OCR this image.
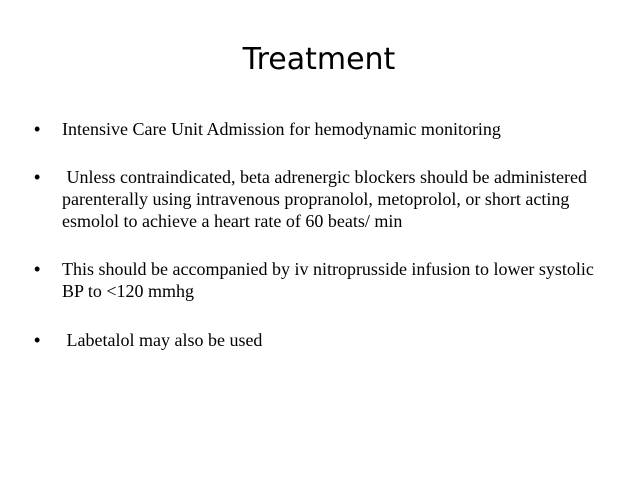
Treatment
• Intensive Care Unit Admission for hemodynamic monitoring
• Unless contraindicated, beta adrenergic blockers should be administered parenterally using intravenous propranolol, metoprolol, or short acting esmolol to achieve a heart rate of 60 beats/ min
• This should be accompanied by iv nitroprusside infusion to lower systolic BP to <120 mmhg
• Labetalol may also be used
